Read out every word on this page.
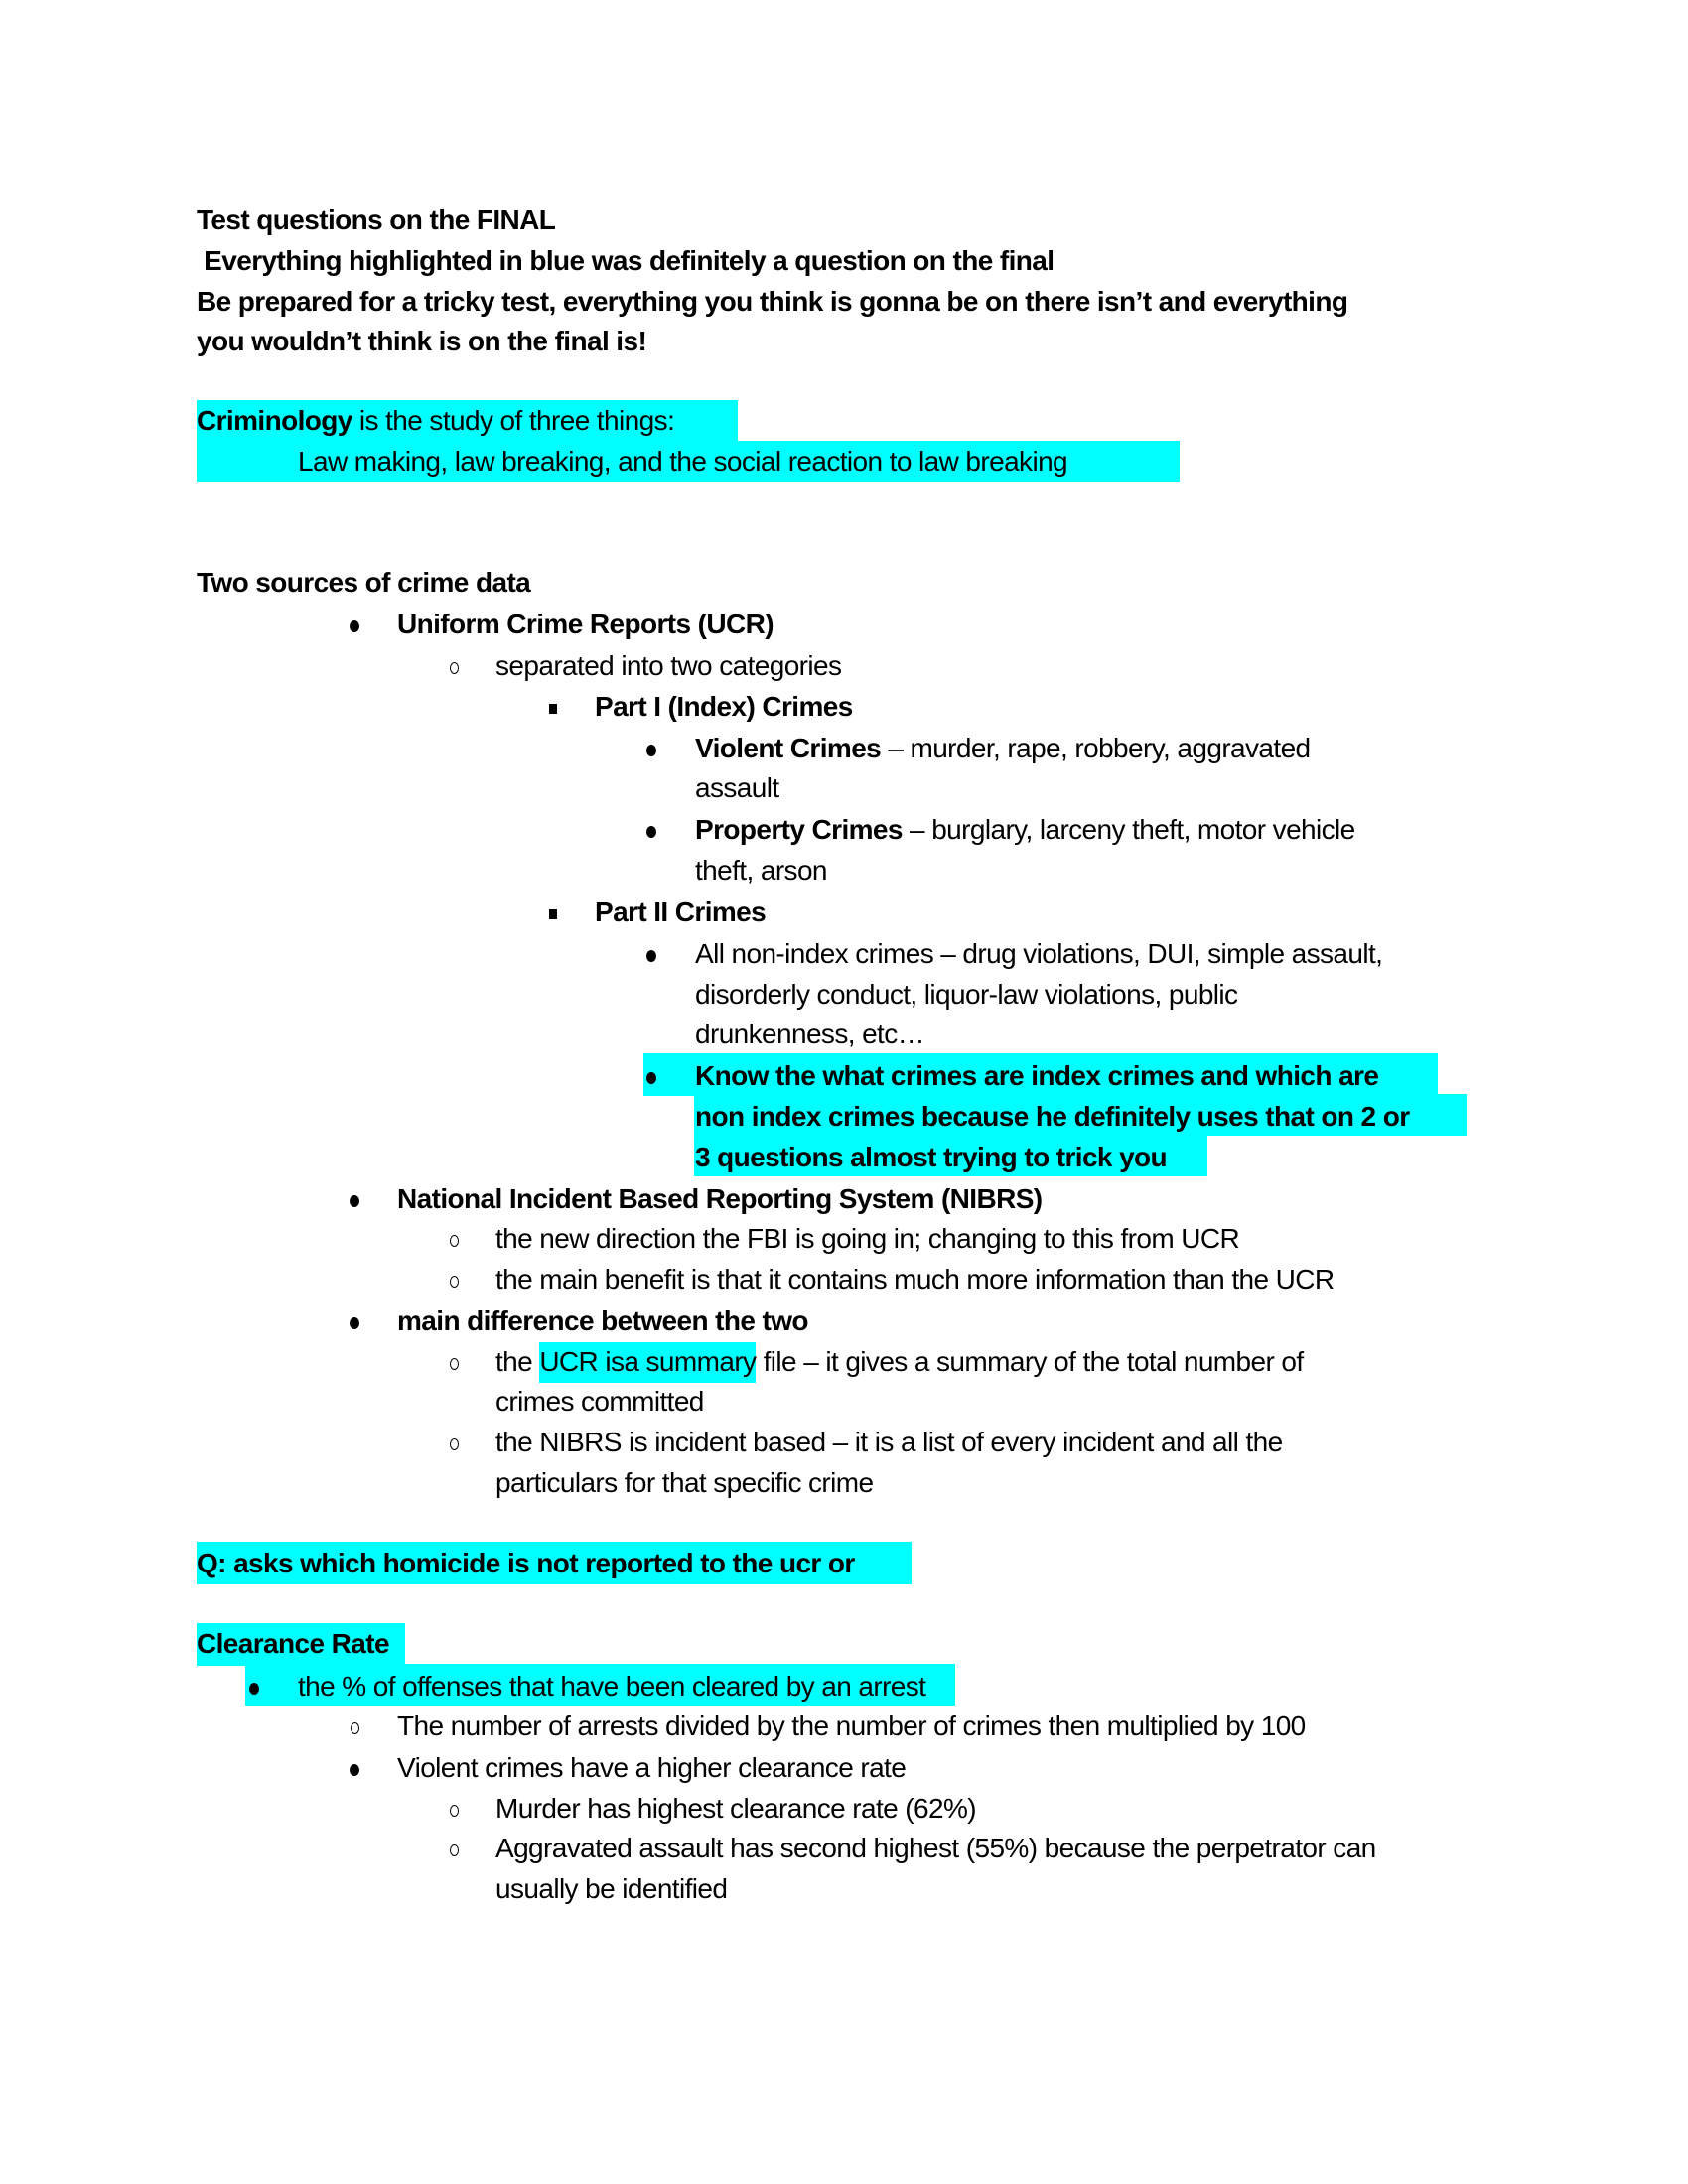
Test questions on the FINAL
Everything highlighted in blue was definitely a question on the final
Be prepared for a tricky test, everything you think is gonna be on there isn’t and everything
you wouldn’t think is on the final is!
Criminology is the study of three things:
Law making, law breaking, and the social reaction to law breaking
Two sources of crime data
Uniform Crime Reports (UCR)
separated into two categories
Part I (Index) Crimes
Violent Crimes – murder, rape, robbery, aggravated
assault
Property Crimes – burglary, larceny theft, motor vehicle
theft, arson
Part II Crimes
All non-index crimes – drug violations, DUI, simple assault,
disorderly conduct, liquor-law violations, public
drunkenness, etc…
Know the what crimes are index crimes and which are
non index crimes because he definitely uses that on 2 or
3 questions almost trying to trick you
National Incident Based Reporting System (NIBRS)
the new direction the FBI is going in; changing to this from UCR
the main benefit is that it contains much more information than the UCR
main difference between the two
the UCR isa summary file – it gives a summary of the total number of
crimes committed
the NIBRS is incident based – it is a list of every incident and all the
particulars for that specific crime
Q: asks which homicide is not reported to the ucr or
Clearance Rate
the % of offenses that have been cleared by an arrest
The number of arrests divided by the number of crimes then multiplied by 100
Violent crimes have a higher clearance rate
Murder has highest clearance rate (62%)
Aggravated assault has second highest (55%) because the perpetrator can
usually be identified
